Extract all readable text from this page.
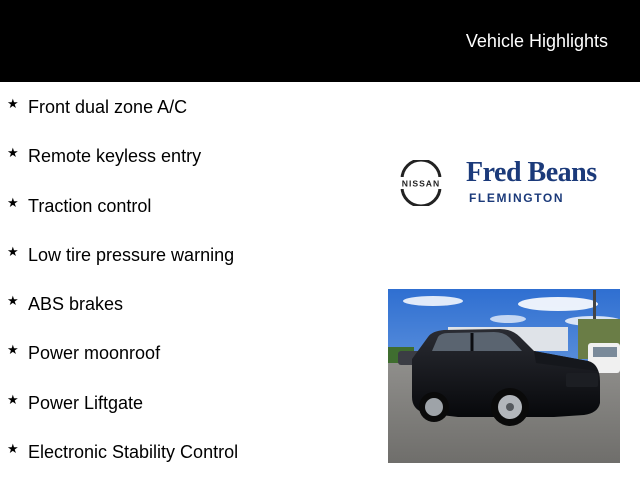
Vehicle Highlights
★ Front dual zone A/C
★ Remote keyless entry
★ Traction control
★ Low tire pressure warning
★ ABS brakes
★ Power moonroof
★ Power Liftgate
★ Electronic Stability Control
NISSAN Fred Beans
FLEMINGTON
